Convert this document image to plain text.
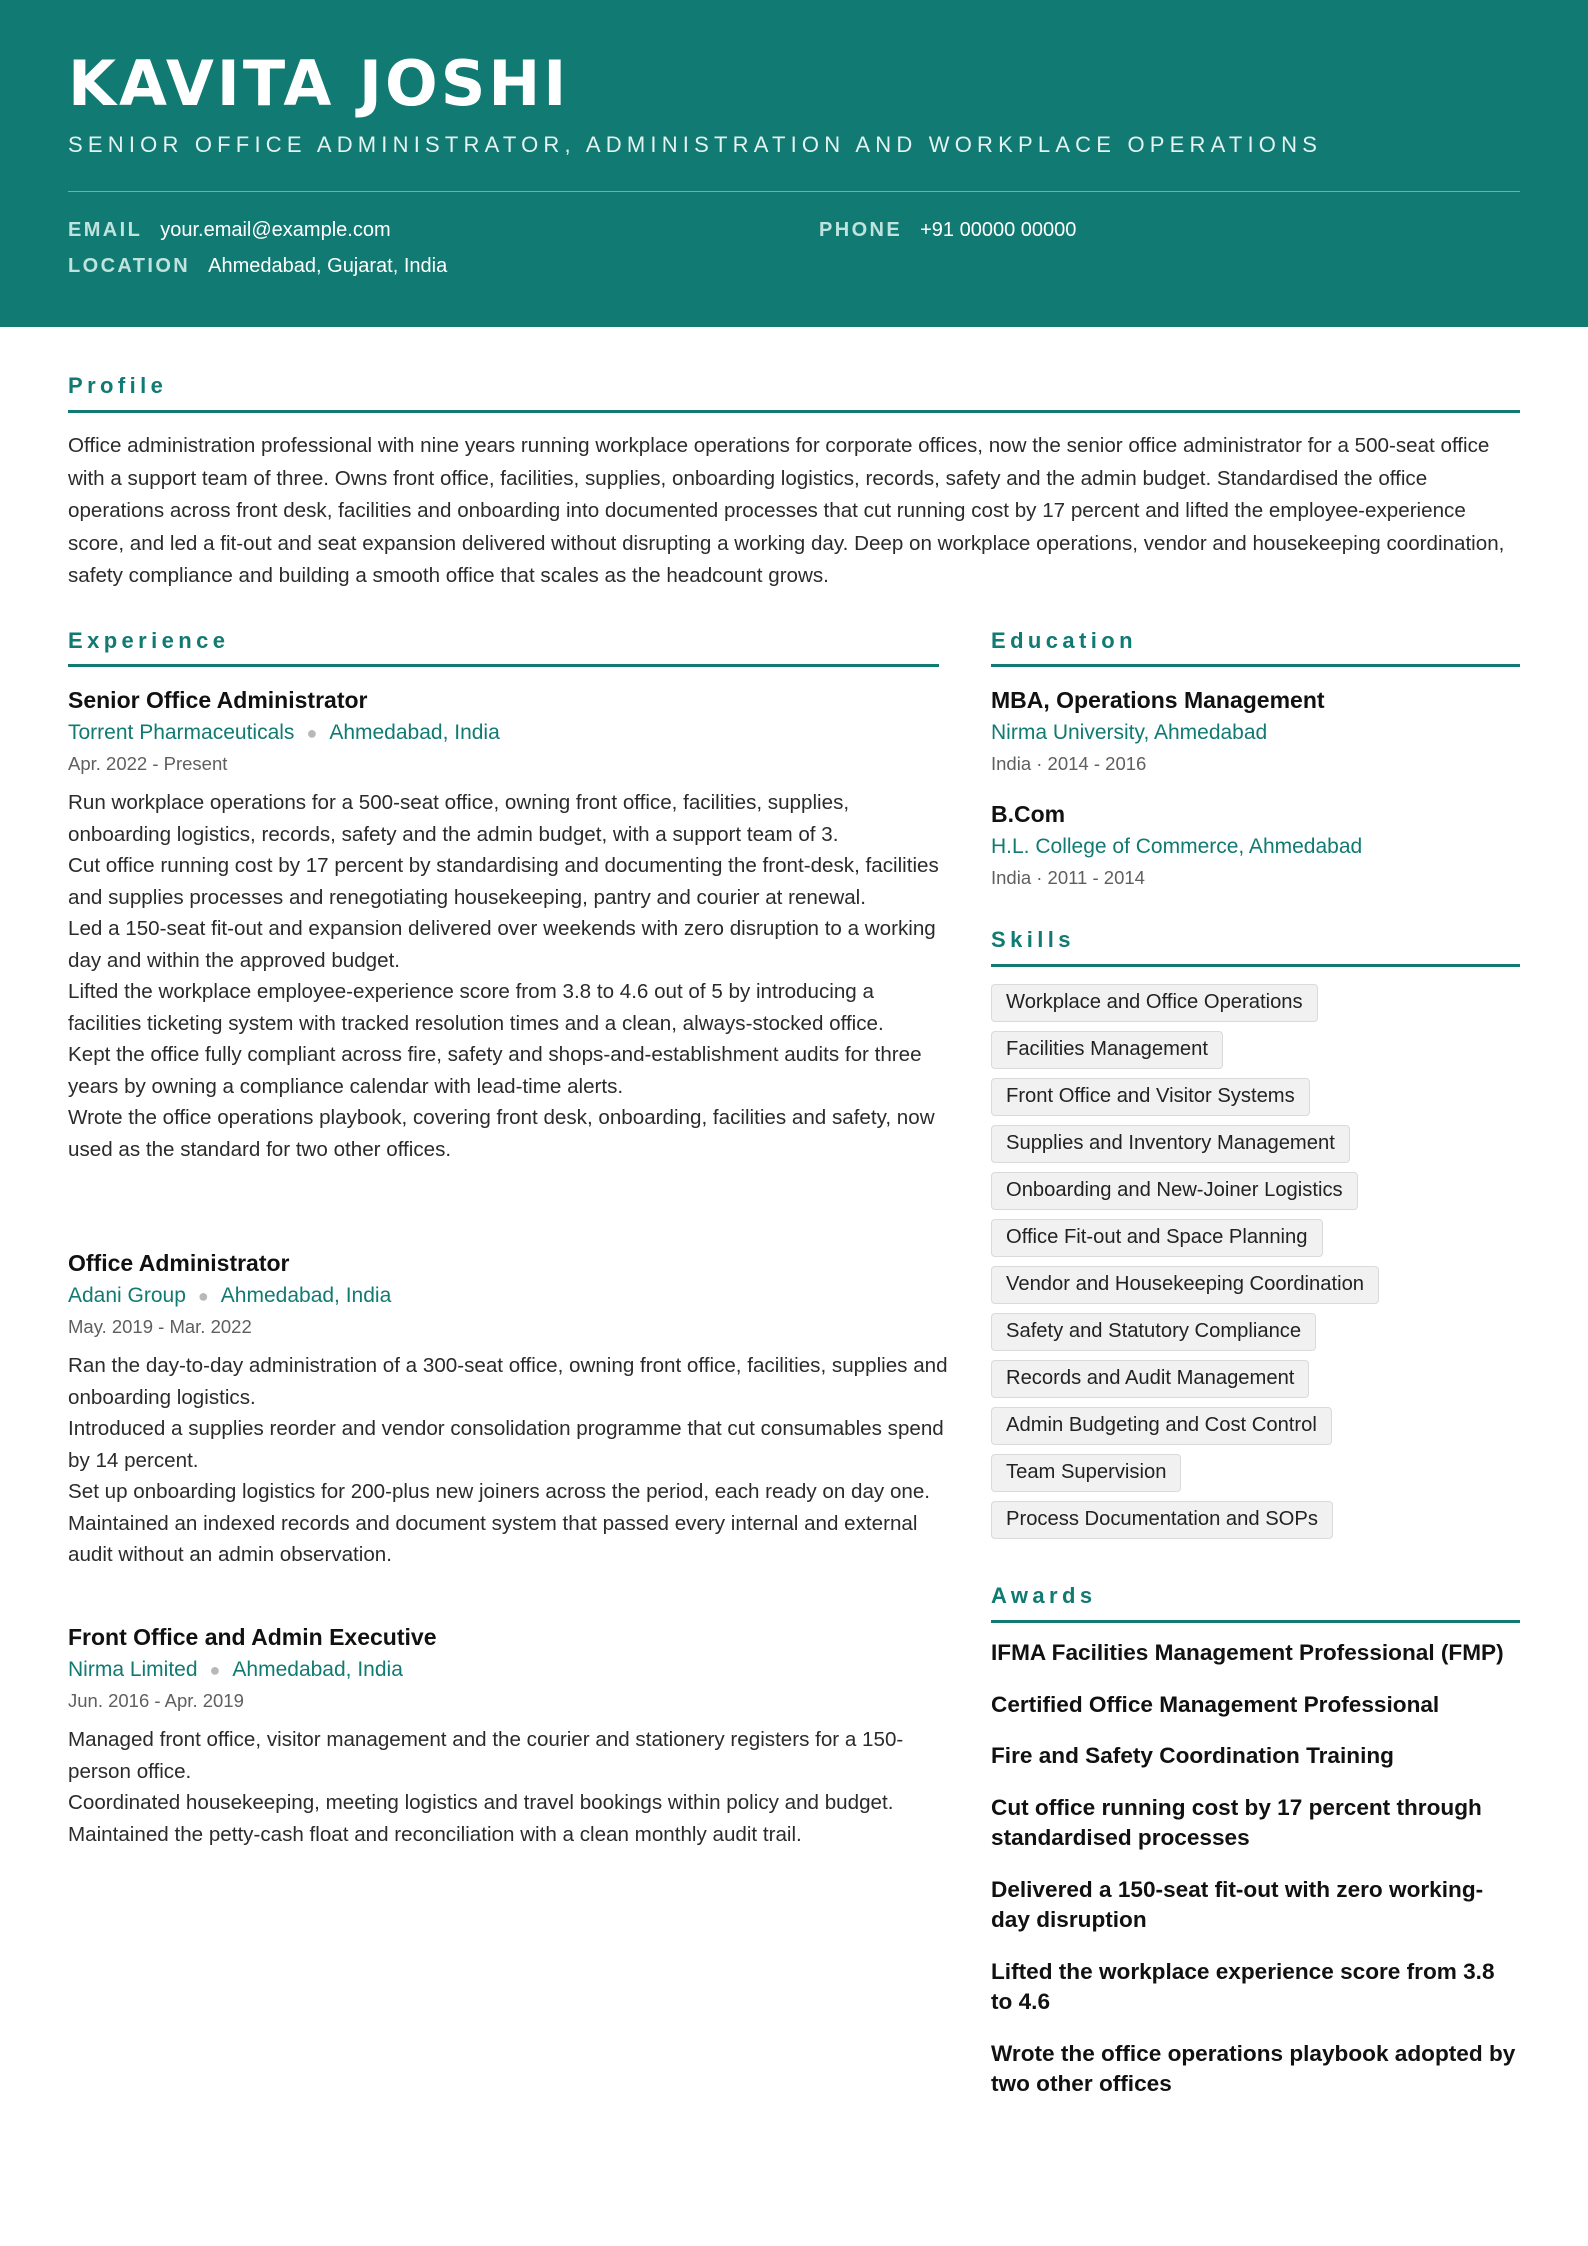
KAVITA JOSHI
SENIOR OFFICE ADMINISTRATOR, ADMINISTRATION AND WORKPLACE OPERATIONS
EMAIL your.email@example.com	PHONE +91 00000 00000
LOCATION Ahmedabad, Gujarat, India
Profile

Office administration professional with nine years running workplace operations for corporate offices, now the senior office administrator for a 500-seat office with a support team of three. Owns front office, facilities, supplies, onboarding logistics, records, safety and the admin budget. Standardised the office operations across front desk, facilities and onboarding into documented processes that cut running cost by 17 percent and lifted the employee-experience score, and led a fit-out and seat expansion delivered without disrupting a working day. Deep on workplace operations, vendor and housekeeping coordination, safety compliance and building a smooth office that scales as the headcount grows.

Experience
Senior Office Administrator
Torrent Pharmaceuticals ● Ahmedabad, India
Apr. 2022 - Present
Run workplace operations for a 500-seat office, owning front office, facilities, supplies, onboarding logistics, records, safety and the admin budget, with a support team of 3.
Cut office running cost by 17 percent by standardising and documenting the front-desk, facilities and supplies processes and renegotiating housekeeping, pantry and courier at renewal.
Led a 150-seat fit-out and expansion delivered over weekends with zero disruption to a working day and within the approved budget.
Lifted the workplace employee-experience score from 3.8 to 4.6 out of 5 by introducing a facilities ticketing system with tracked resolution times and a clean, always-stocked office.
Kept the office fully compliant across fire, safety and shops-and-establishment audits for three years by owning a compliance calendar with lead-time alerts.
Wrote the office operations playbook, covering front desk, onboarding, facilities and safety, now used as the standard for two other offices.
Office Administrator
Adani Group ● Ahmedabad, India
May. 2019 - Mar. 2022
Ran the day-to-day administration of a 300-seat office, owning front office, facilities, supplies and onboarding logistics.
Introduced a supplies reorder and vendor consolidation programme that cut consumables spend by 14 percent.
Set up onboarding logistics for 200-plus new joiners across the period, each ready on day one.
Maintained an indexed records and document system that passed every internal and external audit without an admin observation.
Front Office and Admin Executive
Nirma Limited ● Ahmedabad, India
Jun. 2016 - Apr. 2019
Managed front office, visitor management and the courier and stationery registers for a 150-person office.
Coordinated housekeeping, meeting logistics and travel bookings within policy and budget.
Maintained the petty-cash float and reconciliation with a clean monthly audit trail.
Education
MBA, Operations Management
Nirma University, Ahmedabad
India · 2014 - 2016
B.Com
H.L. College of Commerce, Ahmedabad
India · 2011 - 2014
Skills
Workplace and Office Operations
Facilities Management
Front Office and Visitor Systems
Supplies and Inventory Management
Onboarding and New-Joiner Logistics
Office Fit-out and Space Planning
Vendor and Housekeeping Coordination
Safety and Statutory Compliance
Records and Audit Management
Admin Budgeting and Cost Control
Team Supervision
Process Documentation and SOPs
Awards
IFMA Facilities Management Professional (FMP)
Certified Office Management Professional
Fire and Safety Coordination Training
Cut office running cost by 17 percent through standardised processes
Delivered a 150-seat fit-out with zero working-day disruption
Lifted the workplace experience score from 3.8 to 4.6
Wrote the office operations playbook adopted by two other offices
